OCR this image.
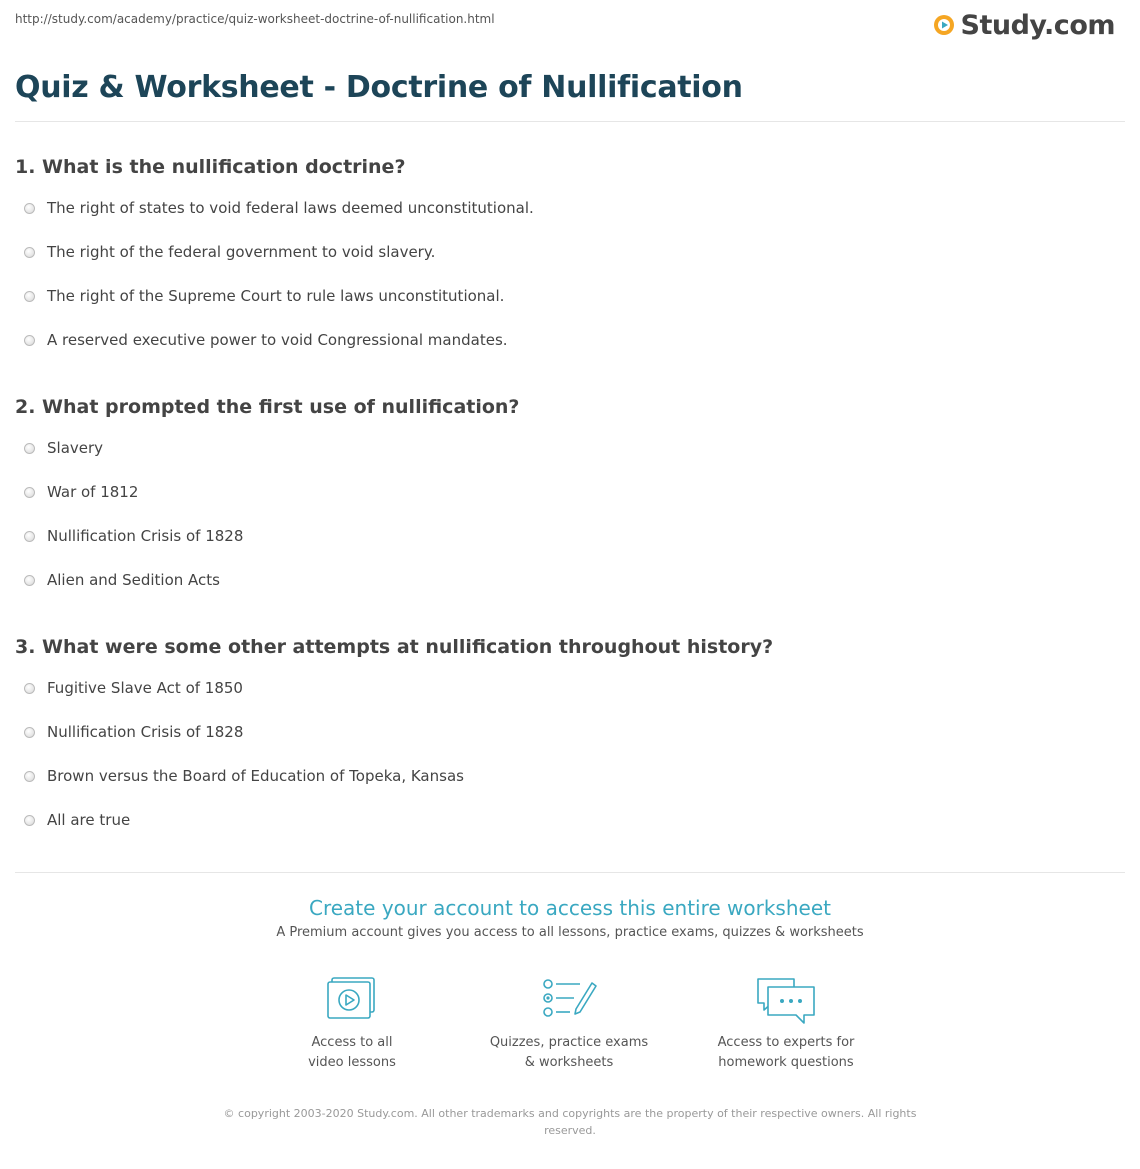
http://study.com/academy/practice/quiz-worksheet-doctrine-of-nullification.html	Study.com
Quiz & Worksheet - Doctrine of Nullification
1. What is the nullification doctrine?
The right of states to void federal laws deemed unconstitutional.
The right of the federal government to void slavery.
The right of the Supreme Court to rule laws unconstitutional.
A reserved executive power to void Congressional mandates.
2. What prompted the first use of nullification?
Slavery
War of 1812
Nullification Crisis of 1828
Alien and Sedition Acts
3. What were some other attempts at nullification throughout history?
Fugitive Slave Act of 1850
Nullification Crisis of 1828
Brown versus the Board of Education of Topeka, Kansas
All are true
Create your account to access this entire worksheet
A Premium account gives you access to all lessons, practice exams, quizzes & worksheets
Access to all
video lessons
Quizzes, practice exams
& worksheets
Access to experts for
homework questions
© copyright 2003-2020 Study.com. All other trademarks and copyrights are the property of their respective owners. All rights
reserved.
